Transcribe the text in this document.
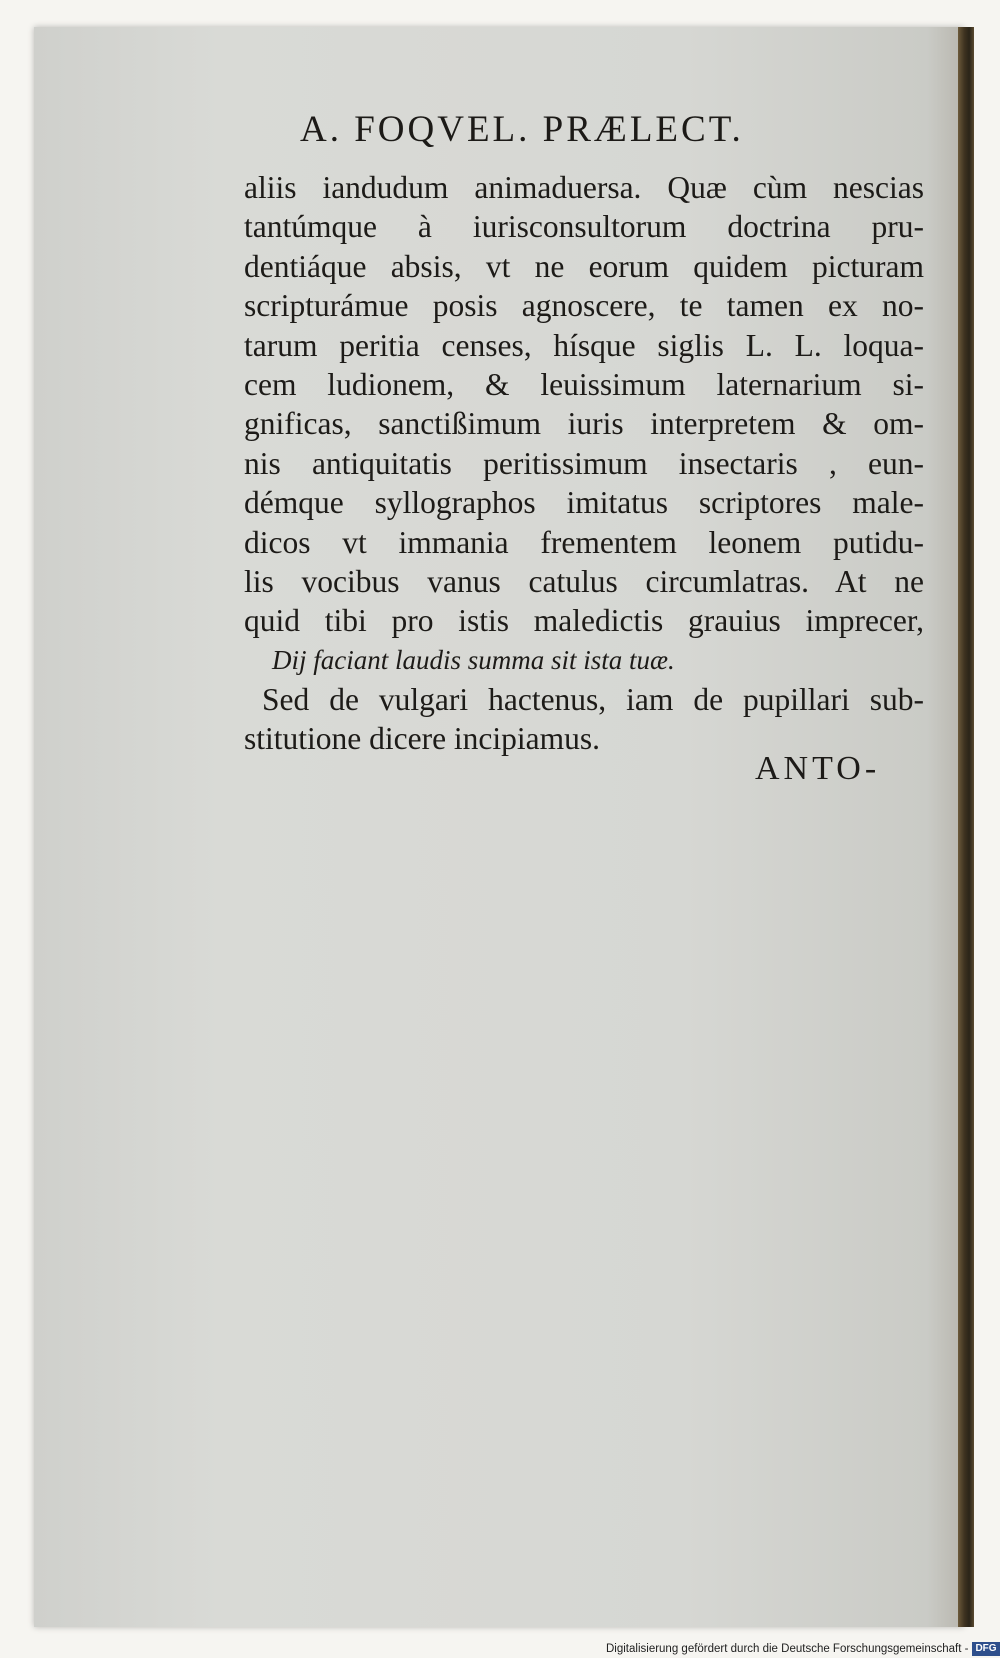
A. FOQVEL. PRÆLECT.
aliis iandudum animaduersa. Quæ cùm nescias
tantúmque à iurisconsultorum doctrina pru-
dentiáque absis, vt ne eorum quidem picturam
scripturámue posis agnoscere, te tamen ex no-
tarum peritia censes, hísque siglis L. L. loqua-
cem ludionem, & leuissimum laternarium si-
gnificas, sanctißimum iuris interpretem & om-
nis antiquitatis peritissimum insectaris , eun-
démque syllographos imitatus scriptores male-
dicos vt immania frementem leonem putidu-
lis vocibus vanus catulus circumlatras. At ne
quid tibi pro istis maledictis grauius imprecer,
Dij faciant laudis summa sit ista tuæ.
Sed de vulgari hactenus, iam de pupillari sub-
stitutione dicere incipiamus.
ANTO-
Digitalisierung gefördert durch die Deutsche Forschungsgemeinschaft - DFG
